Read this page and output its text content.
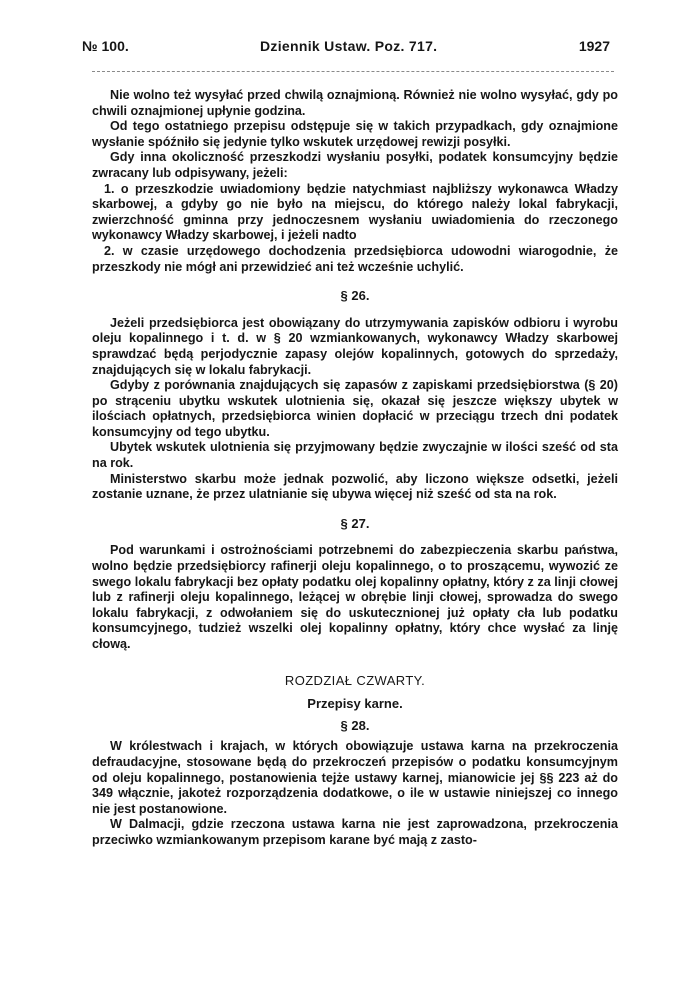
№ 100.	Dziennik Ustaw. Poz. 717.	1927

Nie wolno też wysyłać przed chwilą oznajmioną. Również nie wolno wysyłać, gdy po chwili oznajmionej upłynie godzina.

Od tego ostatniego przepisu odstępuje się w takich przypadkach, gdy oznajmione wysłanie spóźniło się jedynie tylko wskutek urzędowej rewizji posyłki.

Gdy inna okoliczność przeszkodzi wysłaniu posyłki, podatek konsumcyjny będzie zwracany lub odpisywany, jeżeli:

1. o przeszkodzie uwiadomiony będzie natychmiast najbliższy wykonawca Władzy skarbowej, a gdyby go nie było na miejscu, do którego należy lokal fabrykacji, zwierzchność gminna przy jednoczesnem wysłaniu uwiadomienia do rzeczonego wykonawcy Władzy skarbowej, i jeżeli nadto

2. w czasie urzędowego dochodzenia przedsiębiorca udowodni wiarogodnie, że przeszkody nie mógł ani przewidzieć ani też wcześnie uchylić.

§ 26.

Jeżeli przedsiębiorca jest obowiązany do utrzymywania zapisków odbioru i wyrobu oleju kopalinnego i t. d. w § 20 wzmiankowanych, wykonawcy Władzy skarbowej sprawdzać będą perjodycznie zapasy olejów kopalinnych, gotowych do sprzedaży, znajdujących się w lokalu fabrykacji.

Gdyby z porównania znajdujących się zapasów z zapiskami przedsiębiorstwa (§ 20) po strąceniu ubytku wskutek ulotnienia się, okazał się jeszcze większy ubytek w ilościach opłatnych, przedsiębiorca winien dopłacić w przeciągu trzech dni podatek konsumcyjny od tego ubytku.

Ubytek wskutek ulotnienia się przyjmowany będzie zwyczajnie w ilości sześć od sta na rok.

Ministerstwo skarbu może jednak pozwolić, aby liczono większe odsetki, jeżeli zostanie uznane, że przez ulatnianie się ubywa więcej niż sześć od sta na rok.

§ 27.

Pod warunkami i ostrożnościami potrzebnemi do zabezpieczenia skarbu państwa, wolno będzie przedsiębiorcy rafinerji oleju kopalinnego, o to proszącemu, wywozić ze swego lokalu fabrykacji bez opłaty podatku olej kopalinny opłatny, który z za linji cłowej lub z rafinerji oleju kopalinnego, leżącej w obrębie linji cłowej, sprowadza do swego lokalu fabrykacji, z odwołaniem się do uskutecznionej już opłaty cła lub podatku konsumcyjnego, tudzież wszelki olej kopalinny opłatny, który chce wysłać za linję cłową.

ROZDZIAŁ CZWARTY.
Przepisy karne.
§ 28.

W królestwach i krajach, w których obowiązuje ustawa karna na przekroczenia defraudacyjne, stosowane będą do przekroczeń przepisów o podatku konsumcyjnym od oleju kopalinnego, postanowienia tejże ustawy karnej, mianowicie jej §§ 223 aż do 349 włącznie, jakoteż rozporządzenia dodatkowe, o ile w ustawie niniejszej co innego nie jest postanowione.

W Dalmacji, gdzie rzeczona ustawa karna nie jest zaprowadzona, przekroczenia przeciwko wzmiankowanym przepisom karane być mają z zasto-
